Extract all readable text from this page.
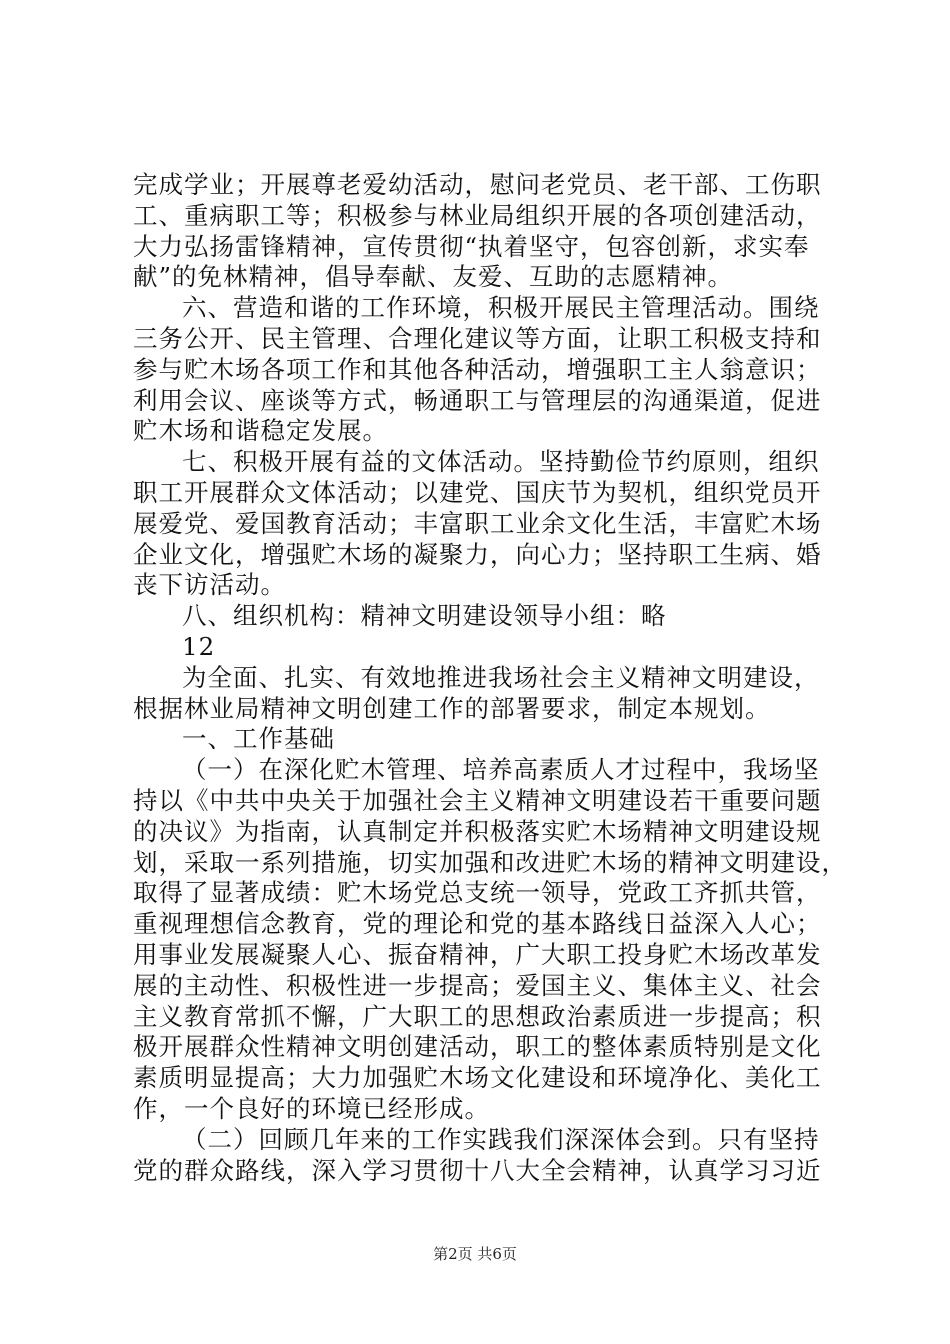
完成学业；开展尊老爱幼活动，慰问老党员、老干部、工伤职
工、重病职工等；积极参与林业局组织开展的各项创建活动，
大力弘扬雷锋精神，宣传贯彻“执着坚守，包容创新，求实奉
献”的免林精神，倡导奉献、友爱、互助的志愿精神。
六、营造和谐的工作环境，积极开展民主管理活动。围绕
三务公开、民主管理、合理化建议等方面，让职工积极支持和
参与贮木场各项工作和其他各种活动，增强职工主人翁意识；
利用会议、座谈等方式，畅通职工与管理层的沟通渠道，促进
贮木场和谐稳定发展。
七、积极开展有益的文体活动。坚持勤俭节约原则，组织
职工开展群众文体活动；以建党、国庆节为契机，组织党员开
展爱党、爱国教育活动；丰富职工业余文化生活，丰富贮木场
企业文化，增强贮木场的凝聚力，向心力；坚持职工生病、婚
丧下访活动。
八、组织机构：精神文明建设领导小组：略
12
为全面、扎实、有效地推进我场社会主义精神文明建设，
根据林业局精神文明创建工作的部署要求，制定本规划。
一、工作基础
（一）在深化贮木管理、培养高素质人才过程中，我场坚
持以《中共中央关于加强社会主义精神文明建设若干重要问题
的决议》为指南，认真制定并积极落实贮木场精神文明建设规
划，采取一系列措施，切实加强和改进贮木场的精神文明建设，
取得了显著成绩：贮木场党总支统一领导，党政工齐抓共管，
重视理想信念教育，党的理论和党的基本路线日益深入人心；
用事业发展凝聚人心、振奋精神，广大职工投身贮木场改革发
展的主动性、积极性进一步提高；爱国主义、集体主义、社会
主义教育常抓不懈，广大职工的思想政治素质进一步提高；积
极开展群众性精神文明创建活动，职工的整体素质特别是文化
素质明显提高；大力加强贮木场文化建设和环境净化、美化工
作，一个良好的环境已经形成。
（二）回顾几年来的工作实践我们深深体会到。只有坚持
党的群众路线，深入学习贯彻十八大全会精神，认真学习习近
第2页 共6页
